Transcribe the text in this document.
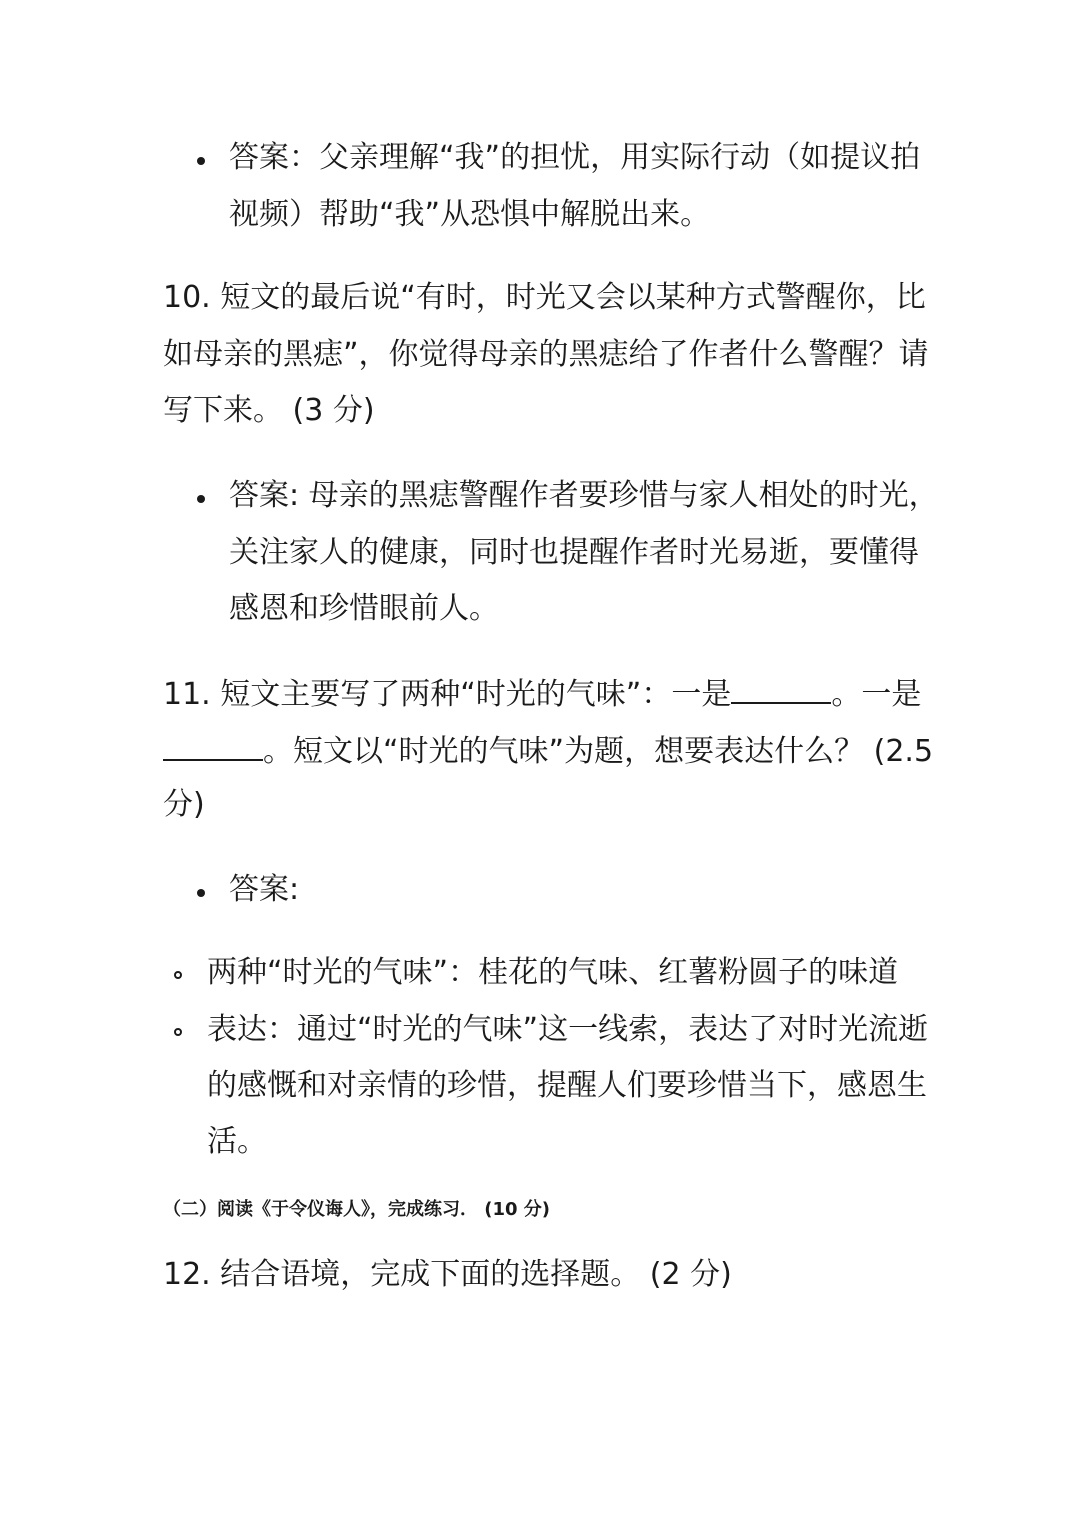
答案：父亲理解“我”的担忧，用实际行动（如提议拍
视频）帮助“我”从恐惧中解脱出来。
10. 短文的最后说“有时，时光又会以某种方式警醒你，比
如母亲的黑痣”，你觉得母亲的黑痣给了作者什么警醒？请
写下来。 (3 分)
答案: 母亲的黑痣警醒作者要珍惜与家人相处的时光，
关注家人的健康，同时也提醒作者时光易逝，要懂得
感恩和珍惜眼前人。
11. 短文主要写了两种“时光的气味”：一是	。一是
。短文以“时光的气味”为题，想要表达什么？ (2.5
分)
答案:
两种“时光的气味”：桂花的气味、红薯粉圆子的味道
表达：通过“时光的气味”这一线索，表达了对时光流逝
的感慨和对亲情的珍惜，提醒人们要珍惜当下，感恩生
活。
（二）阅读《于令仪诲人》，完成练习． (10 分)
12. 结合语境，完成下面的选择题。 (2 分)
